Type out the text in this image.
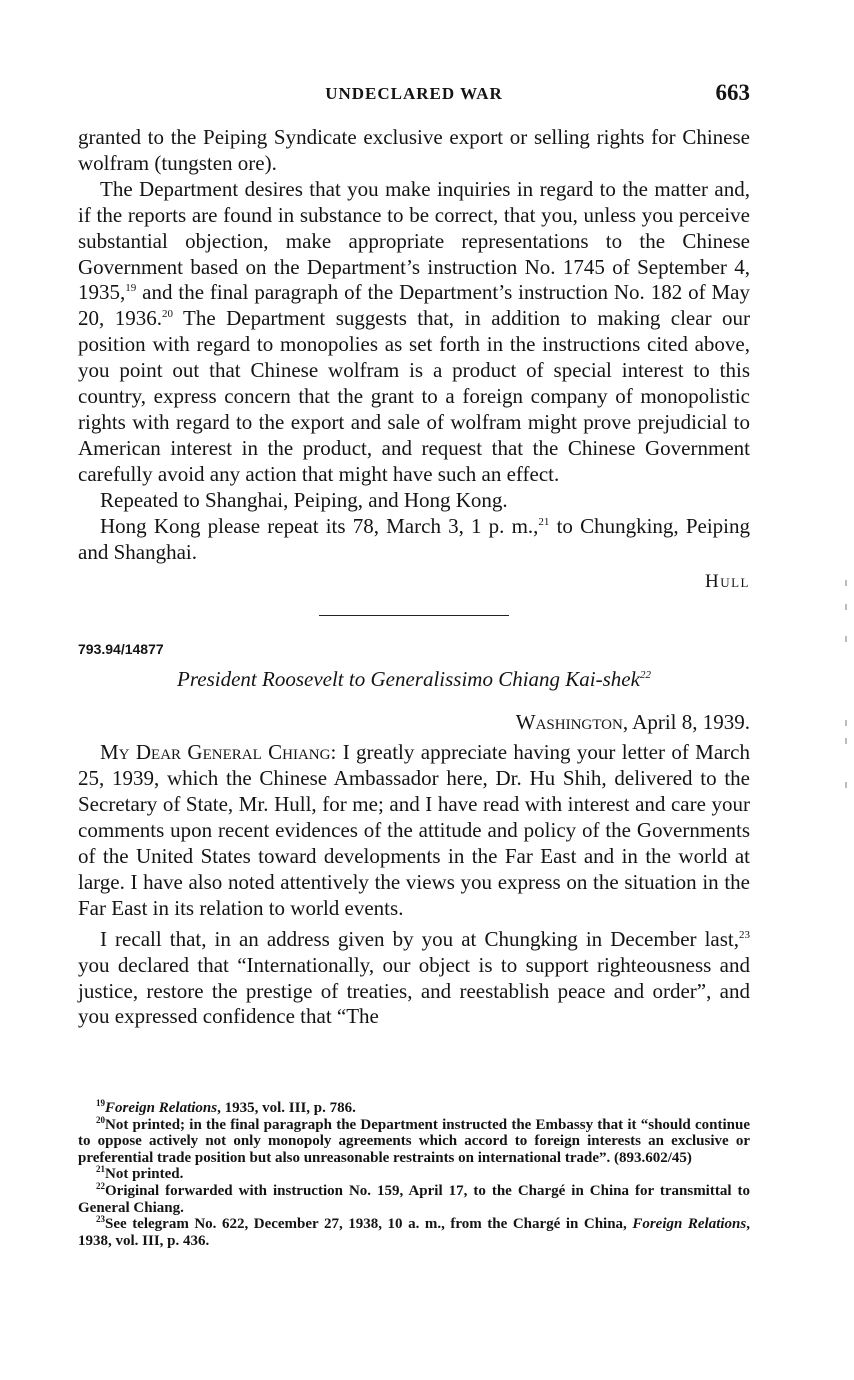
UNDECLARED WAR	663

granted to the Peiping Syndicate exclusive export or selling rights for Chinese wolfram (tungsten ore).

The Department desires that you make inquiries in regard to the matter and, if the reports are found in substance to be correct, that you, unless you perceive substantial objection, make appropriate representations to the Chinese Government based on the Department’s instruction No. 1745 of September 4, 1935,19 and the final paragraph of the Department’s instruction No. 182 of May 20, 1936.20 The Department suggests that, in addition to making clear our position with regard to monopolies as set forth in the instructions cited above, you point out that Chinese wolfram is a product of special interest to this country, express concern that the grant to a foreign company of monopolistic rights with regard to the export and sale of wolfram might prove prejudicial to American interest in the product, and request that the Chinese Government carefully avoid any action that might have such an effect.

Repeated to Shanghai, Peiping, and Hong Kong.

Hong Kong please repeat its 78, March 3, 1 p. m.,$^{21}$ to Chungking, Peiping and Shanghai.

Hull
793.94/14877
President Roosevelt to Generalissimo Chiang Kai-shek$^{22}$
Washington, April 8, 1939.

My Dear General Chiang: I greatly appreciate having your letter of March 25, 1939, which the Chinese Ambassador here, Dr. Hu Shih, delivered to the Secretary of State, Mr. Hull, for me; and I have read with interest and care your comments upon recent evidences of the attitude and policy of the Governments of the United States toward developments in the Far East and in the world at large. I have also noted attentively the views you express on the situation in the Far East in its relation to world events.

I recall that, in an address given by you at Chungking in December last,$^{23}$ you declared that “Internationally, our object is to support righteousness and justice, restore the prestige of treaties, and reestablish peace and order”, and you expressed confidence that “The

$^{19}$Foreign Relations, 1935, vol. III, p. 786.
$^{20}$Not printed; in the final paragraph the Department instructed the Embassy that it “should continue to oppose actively not only monopoly agreements which accord to foreign interests an exclusive or preferential trade position but also unreasonable restraints on international trade”. (893.602/45)
$^{21}$Not printed.
$^{22}$Original forwarded with instruction No. 159, April 17, to the Chargé in China for transmittal to General Chiang.
$^{23}$See telegram No. 622, December 27, 1938, 10 a. m., from the Chargé in China, Foreign Relations, 1938, vol. III, p. 436.
